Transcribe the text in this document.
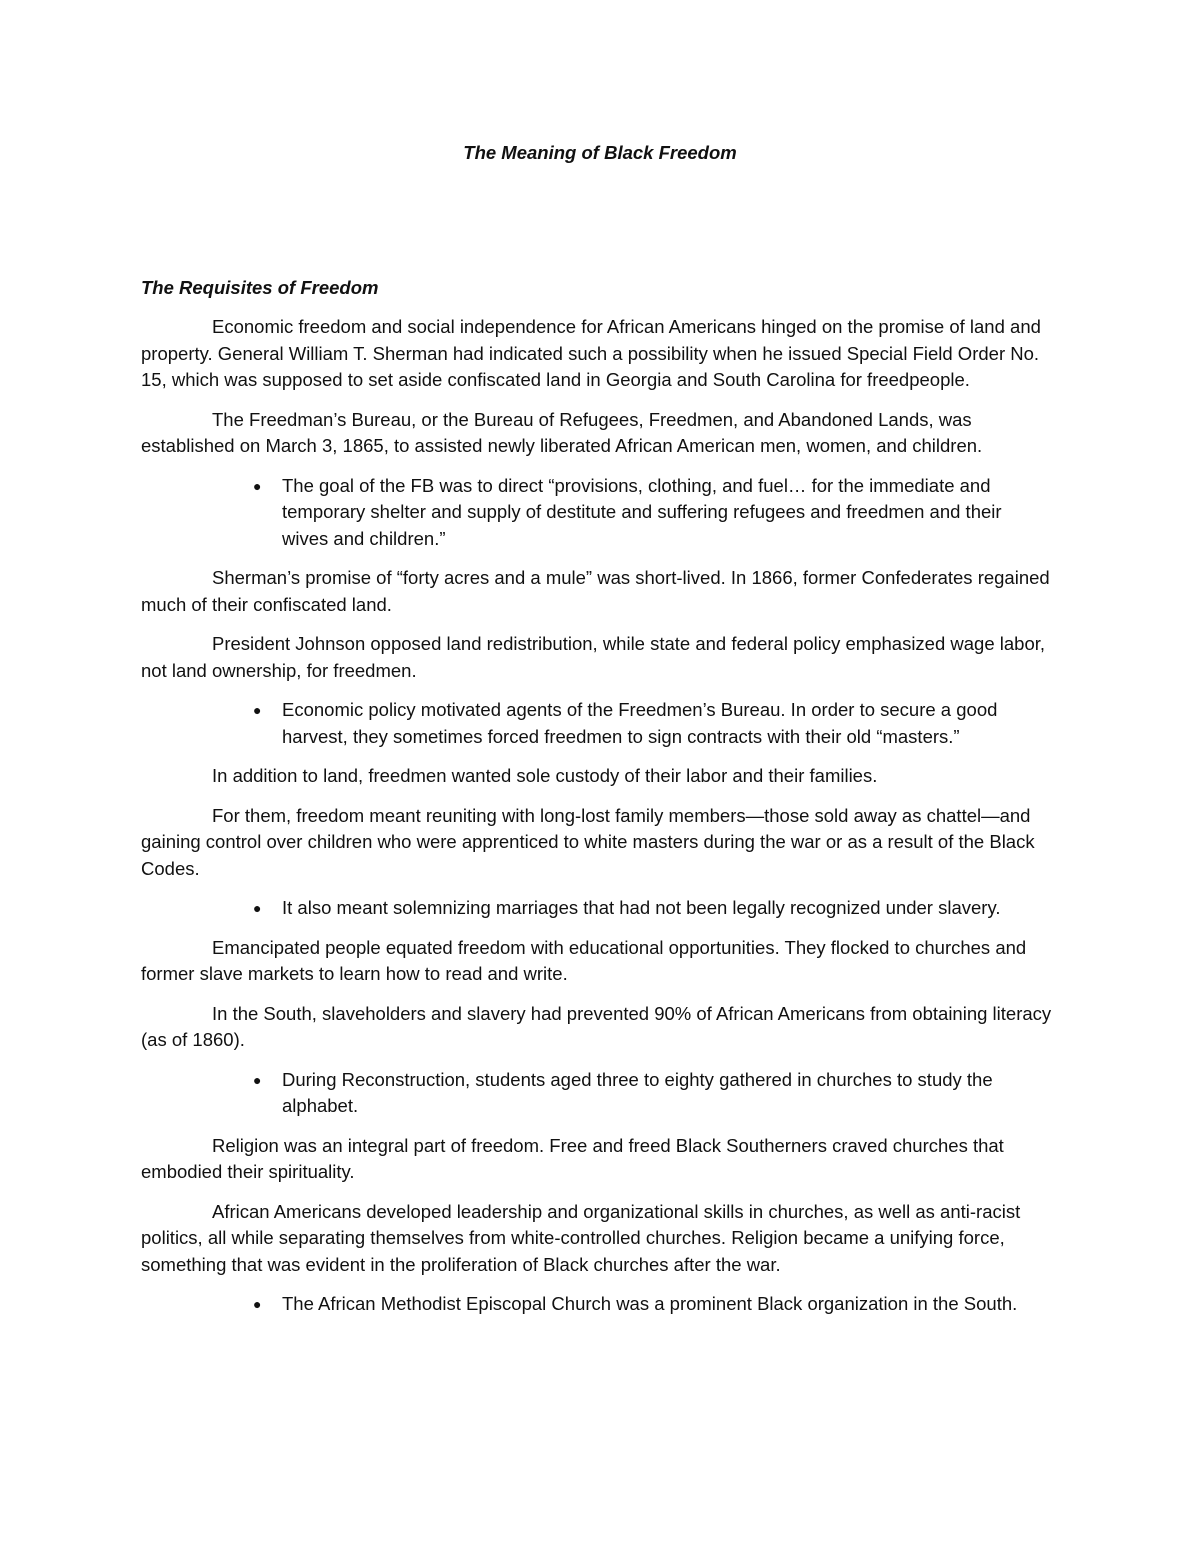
The Meaning of Black Freedom
The Requisites of Freedom
Economic freedom and social independence for African Americans hinged on the promise of land and property. General William T. Sherman had indicated such a possibility when he issued Special Field Order No. 15, which was supposed to set aside confiscated land in Georgia and South Carolina for freedpeople.
The Freedman’s Bureau, or the Bureau of Refugees, Freedmen, and Abandoned Lands, was established on March 3, 1865, to assisted newly liberated African American men, women, and children.
● The goal of the FB was to direct “provisions, clothing, and fuel… for the immediate and temporary shelter and supply of destitute and suffering refugees and freedmen and their wives and children.”
Sherman’s promise of “forty acres and a mule” was short-lived. In 1866, former Confederates regained much of their confiscated land.
President Johnson opposed land redistribution, while state and federal policy emphasized wage labor, not land ownership, for freedmen.
● Economic policy motivated agents of the Freedmen’s Bureau. In order to secure a good harvest, they sometimes forced freedmen to sign contracts with their old “masters.”
In addition to land, freedmen wanted sole custody of their labor and their families.
For them, freedom meant reuniting with long-lost family members—those sold away as chattel—and gaining control over children who were apprenticed to white masters during the war or as a result of the Black Codes.
● It also meant solemnizing marriages that had not been legally recognized under slavery.
Emancipated people equated freedom with educational opportunities. They flocked to churches and former slave markets to learn how to read and write.
In the South, slaveholders and slavery had prevented 90% of African Americans from obtaining literacy (as of 1860).
● During Reconstruction, students aged three to eighty gathered in churches to study the alphabet.
Religion was an integral part of freedom. Free and freed Black Southerners craved churches that embodied their spirituality.
African Americans developed leadership and organizational skills in churches, as well as anti-racist politics, all while separating themselves from white-controlled churches. Religion became a unifying force, something that was evident in the proliferation of Black churches after the war.
● The African Methodist Episcopal Church was a prominent Black organization in the South.
